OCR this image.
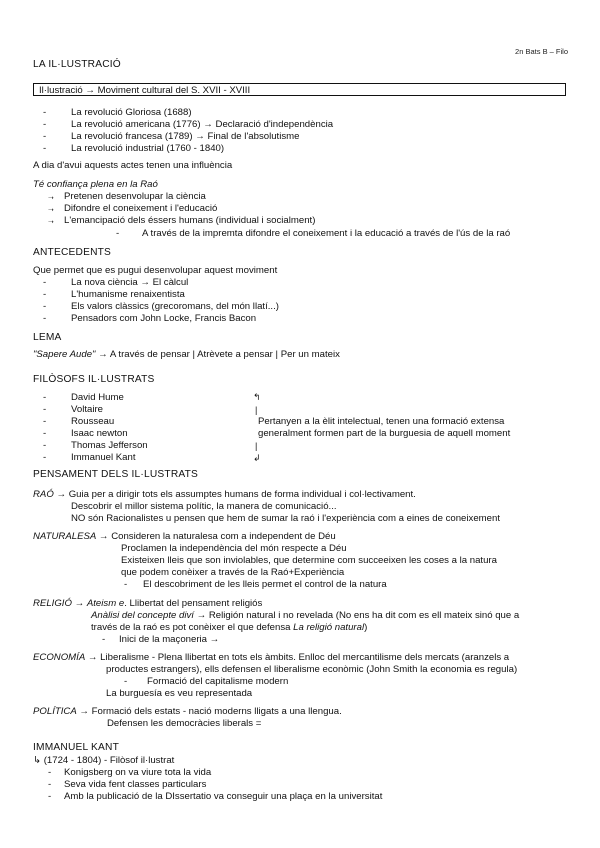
2n Bats B – Filo
LA IL·LUSTRACIÓ
Il·lustració → Moviment cultural del S. XVII - XVIII
- La revolució Gloriosa (1688)
- La revolució americana (1776) → Declaració d'independència
- La revolució francesa (1789) → Final de l'absolutisme
- La revolució industrial (1760 - 1840)
A dia d'avui aquests actes tenen una influència
Té confiança plena en la Raó
➝ Pretenen desenvolupar la ciència
➝ Difondre el coneixement i l'educació
➝ L'emancipació dels éssers humans (individual i socialment)
- A través de la impremta difondre el coneixement i la educació a través de l'ús de la raó
ANTECEDENTS
Que permet que es pugui desenvolupar aquest moviment
- La nova ciència → El càlcul
- L'humanisme renaixentista
- Els valors clàssics (grecoromans, del món llatí...)
- Pensadors com John Locke, Francis Bacon
LEMA
"Sapere Aude" → A través de pensar | Atrèvete a pensar | Per un mateix
FILÒSOFS IL·LUSTRATS
- David Hume
- Voltaire
- Rousseau
- Isaac newton
- Thomas Jefferson
- Immanuel Kant
↰
|
|
↲
Pertanyen a la èlit intelectual, tenen una formació extensa
generalment formen part de la burguesia de aquell moment
PENSAMENT DELS IL·LUSTRATS
RAÓ → Guia per a dirigir tots els assumptes humans de forma individual i col·lectivament.
Descobrir el millor sistema polític, la manera de comunicació...
NO són Racionalistes u pensen que hem de sumar la raó i l'experiència com a eines de coneixement
NATURALESA → Consideren la naturalesa com a independent de Déu
Proclamen la independència del món respecte a Déu
Existeixen lleis que son inviolables, que determine com succeeixen les coses a la natura
que podem conèixer a través de la Raó+Experiència
- El descobriment de les lleis permet el control de la natura
RELIGIÓ → Ateism e. Llibertat del pensament religiós
Anàlisi del concepte diví → Religión natural i no revelada (No ens ha dit com es ell mateix sinó que a
través de la raó es pot conèixer el que defensa La religió natural)
- Inici de la maçoneria →
ECONOMÍA → Liberalisme - Plena llibertat en tots els àmbits. Enlloc del mercantilisme dels mercats (aranzels a
productes estrangers), ells defensen el liberalisme econòmic (John Smith la economia es regula)
- Formació del capitalisme modern
La burguesía es veu representada
POLÍTICA → Formació dels estats - nació moderns lligats a una llengua.
Defensen les democràcies liberals =
IMMANUEL KANT
↳ (1724 - 1804) - Filòsof il·lustrat
- Konigsberg on va viure tota la vida
- Seva vida fent classes particulars
- Amb la publicació de la DIssertatio va conseguir una plaça en la universitat
